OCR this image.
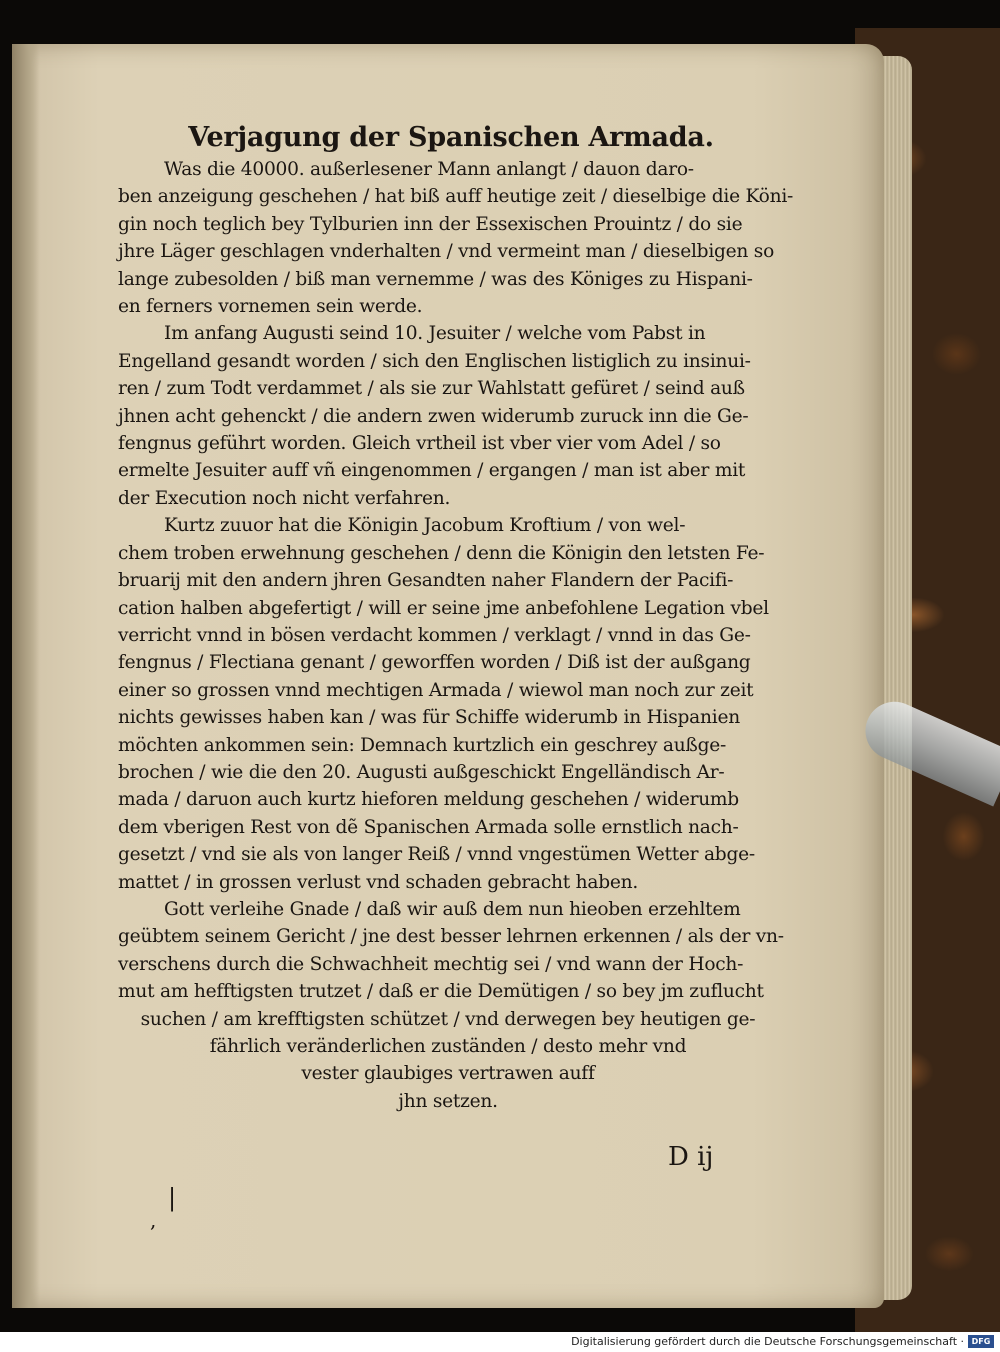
Verjagung der Spanischen Armada.
Was die 40000. außerlesener Mann anlangt / dauon daro-
ben anzeigung geschehen / hat biß auff heutige zeit / dieselbige die Köni-
gin noch teglich bey Tylburien inn der Essexischen Prouintz / do sie
jhre Läger geschlagen vnderhalten / vnd vermeint man / dieselbigen so
lange zubesolden / biß man vernemme / was des Königes zu Hispani-
en ferners vornemen sein werde.
Im anfang Augusti seind 10. Jesuiter / welche vom Pabst in
Engelland gesandt worden / sich den Englischen listiglich zu insinui-
ren / zum Todt verdammet / als sie zur Wahlstatt gefüret / seind auß
jhnen acht gehenckt / die andern zwen widerumb zuruck inn die Ge-
fengnus geführt worden. Gleich vrtheil ist vber vier vom Adel / so
ermelte Jesuiter auff vñ eingenommen / ergangen / man ist aber mit
der Execution noch nicht verfahren.
Kurtz zuuor hat die Königin Jacobum Kroftium / von wel-
chem troben erwehnung geschehen / denn die Königin den letsten Fe-
bruarij mit den andern jhren Gesandten naher Flandern der Pacifi-
cation halben abgefertigt / will er seine jme anbefohlene Legation vbel
verricht vnnd in bösen verdacht kommen / verklagt / vnnd in das Ge-
fengnus / Flectiana genant / geworffen worden / Diß ist der außgang
einer so grossen vnnd mechtigen Armada / wiewol man noch zur zeit
nichts gewisses haben kan / was für Schiffe widerumb in Hispanien
möchten ankommen sein: Demnach kurtzlich ein geschrey außge-
brochen / wie die den 20. Augusti außgeschickt Engelländisch Ar-
mada / daruon auch kurtz hieforen meldung geschehen / widerumb
dem vberigen Rest von dẽ Spanischen Armada solle ernstlich nach-
gesetzt / vnd sie als von langer Reiß / vnnd vngestümen Wetter abge-
mattet / in grossen verlust vnd schaden gebracht haben.
Gott verleihe Gnade / daß wir auß dem nun hieoben erzehltem
geübtem seinem Gericht / jne dest besser lehrnen erkennen / als der vn-
verschens durch die Schwachheit mechtig sei / vnd wann der Hoch-
mut am hefftigsten trutzet / daß er die Demütigen / so bey jm zuflucht
suchen / am krefftigsten schützet / vnd derwegen bey heutigen ge-
fährlich veränderlichen zuständen / desto mehr vnd
vester glaubiges vertrawen auff
jhn setzen.
D ij
|
,
Digitalisierung gefördert durch die Deutsche Forschungsgemeinschaft · DFG
